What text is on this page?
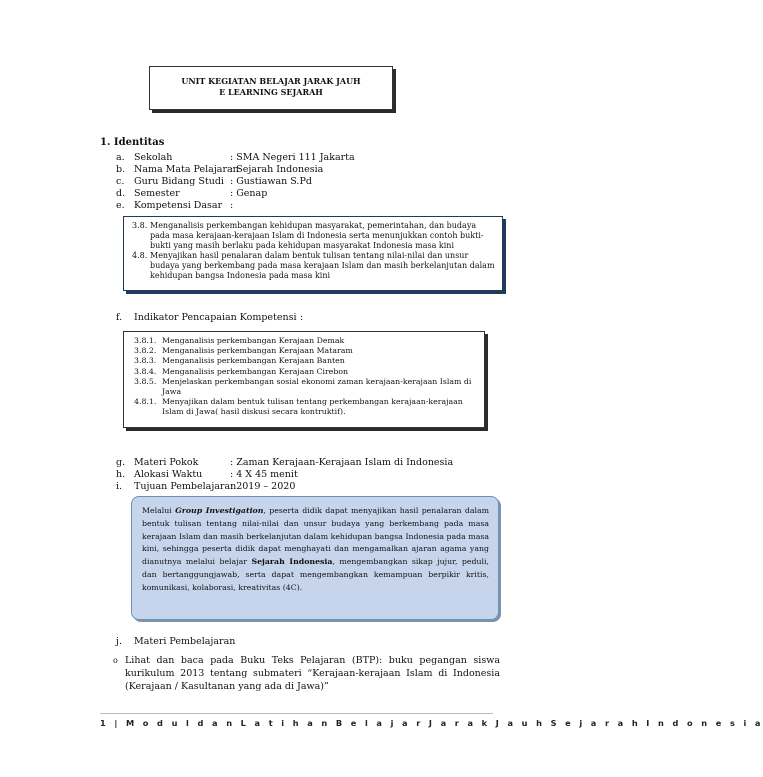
UNIT KEGIATAN BELAJAR JARAK JAUH
E LEARNING SEJARAH
1. Identitas
a. Sekolah	: SMA Negeri 111 Jakarta
b. Nama Mata Pelajaran
: Sejarah Indonesia
c.	Guru Bidang Studi : Gustiawan S.Pd
d. Semester	: Genap
e. Kompetensi Dasar :
3.8. Menganalisis perkembangan kehidupan masyarakat, pemerintahan, dan budaya pada masa kerajaan-kerajaan Islam di Indonesia serta menunjukkan contoh bukti-bukti yang masih berlaku pada kehidupan masyarakat Indonesia masa kini
4.8. Menyajikan hasil penalaran dalam bentuk tulisan tentang nilai-nilai dan unsur budaya yang berkembang pada masa kerajaan Islam dan masih berkelanjutan dalam kehidupan bangsa Indonesia pada masa kini
f.	Indikator Pencapaian Kompetensi :
3.8.1. Menganalisis perkembangan Kerajaan Demak
3.8.2. Menganalisis perkembangan Kerajaan Mataram
3.8.3. Menganalisis perkembangan Kerajaan Banten
3.8.4. Menganalisis perkembangan Kerajaan Cirebon
3.8.5. Menjelaskan perkembangan sosial ekonomi zaman kerajaan-kerajaan Islam di Jawa
4.8.1. Menyajikan dalam bentuk tulisan tentang perkembangan kerajaan-kerajaan Islam di Jawa( hasil diskusi secara kontruktif).
g. Materi Pokok	: Zaman Kerajaan-Kerajaan Islam di Indonesia
h. Alokasi Waktu	: 4 X 45 menit
i.	Tujuan Pembelajaran
: 2019 – 2020
Melalui Group Investigation, peserta didik dapat menyajikan hasil penalaran dalam bentuk tulisan tentang nilai-nilai dan unsur budaya yang berkembang pada masa kerajaan Islam dan masih berkelanjutan dalam kehidupan bangsa Indonesia pada masa kini, sehingga peserta didik dapat menghayati dan mengamalkan ajaran agama yang dianutnya melalui belajar Sejarah Indonesia, mengembangkan sikap jujur, peduli, dan bertanggungjawab, serta dapat mengembangkan kemampuan berpikir kritis, komunikasi, kolaborasi, kreativitas (4C).
j.	Materi Pembelajaran
o Lihat dan baca pada Buku Teks Pelajaran (BTP): buku pegangan siswa kurikulum 2013 tentang submateri “Kerajaan-kerajaan Islam di Indonesia (Kerajaan / Kasultanan yang ada di Jawa)”
1 | M o d u l d a n L a t i h a n B e l a j a r J a r a k J a u h S e j a r a h I n d o n e s i a
